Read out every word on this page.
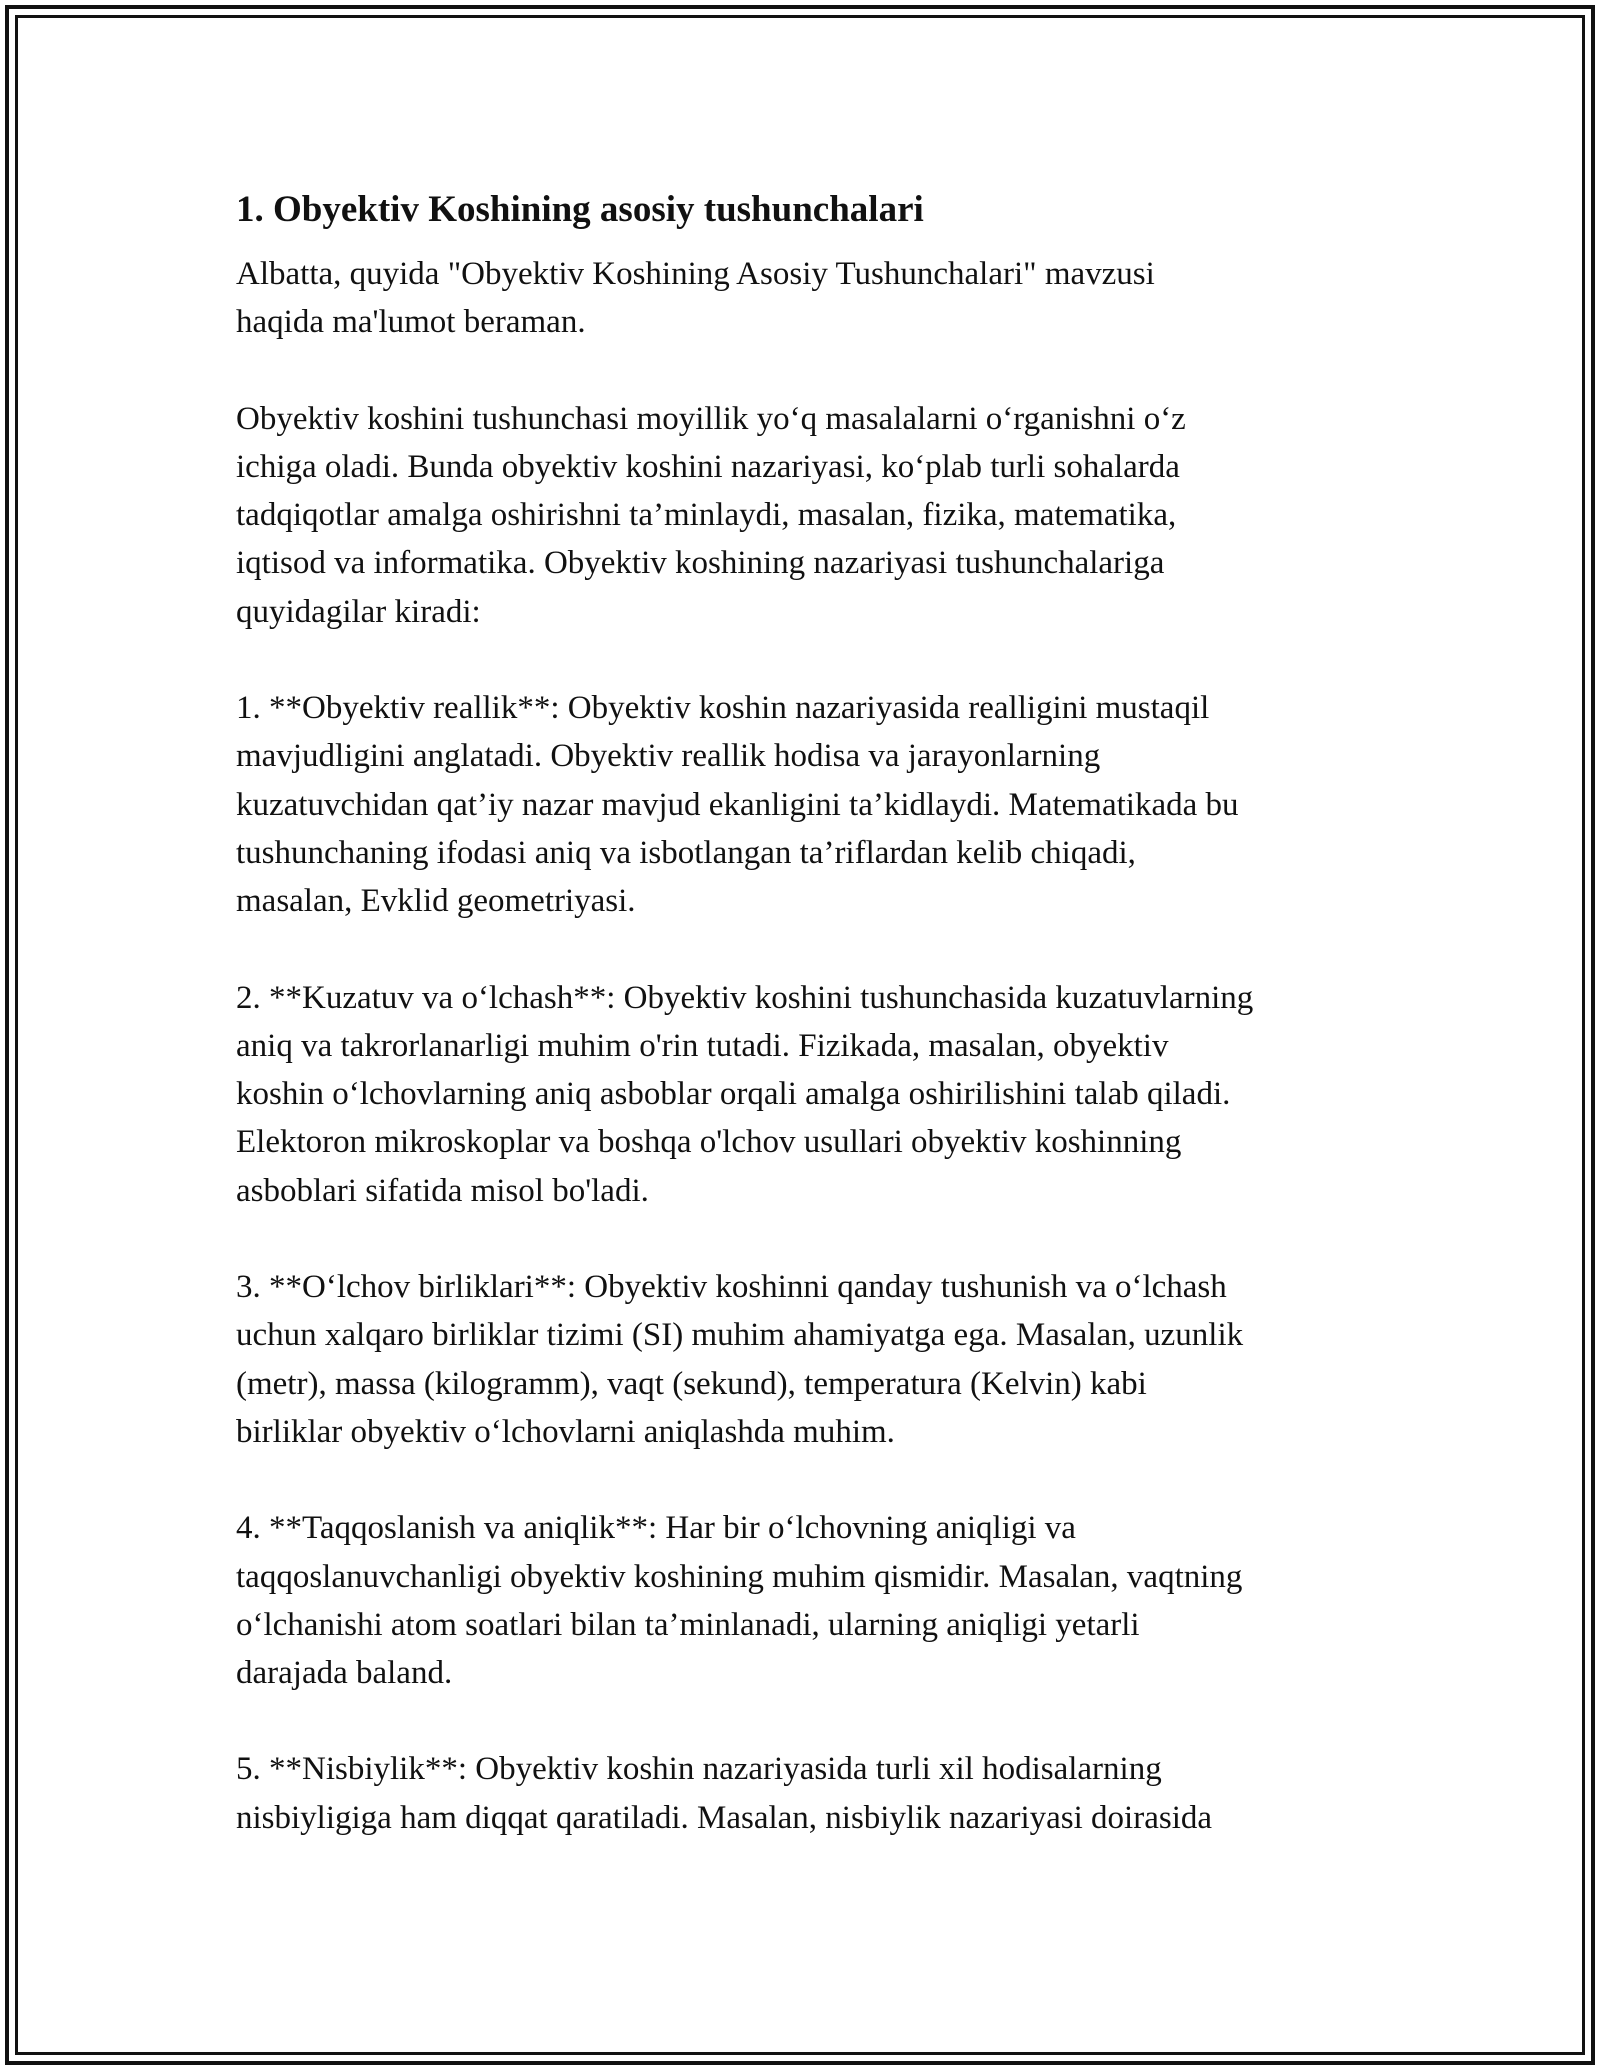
1. Obyektiv Koshining asosiy tushunchalari

Albatta, quyida "Obyektiv Koshining Asosiy Tushunchalari" mavzusi
haqida ma'lumot beraman.

Obyektiv koshini tushunchasi moyillik yo‘q masalalarni o‘rganishni o‘z
ichiga oladi. Bunda obyektiv koshini nazariyasi, ko‘plab turli sohalarda
tadqiqotlar amalga oshirishni ta’minlaydi, masalan, fizika, matematika,
iqtisod va informatika. Obyektiv koshining nazariyasi tushunchalariga
quyidagilar kiradi:

1. **Obyektiv reallik**: Obyektiv koshin nazariyasida realligini mustaqil
mavjudligini anglatadi. Obyektiv reallik hodisa va jarayonlarning
kuzatuvchidan qat’iy nazar mavjud ekanligini ta’kidlaydi. Matematikada bu
tushunchaning ifodasi aniq va isbotlangan ta’riflardan kelib chiqadi,
masalan, Evklid geometriyasi.

2. **Kuzatuv va o‘lchash**: Obyektiv koshini tushunchasida kuzatuvlarning
aniq va takrorlanarligi muhim o'rin tutadi. Fizikada, masalan, obyektiv
koshin o‘lchovlarning aniq asboblar orqali amalga oshirilishini talab qiladi.
Elektoron mikroskoplar va boshqa o'lchov usullari obyektiv koshinning
asboblari sifatida misol bo'ladi.

3. **O‘lchov birliklari**: Obyektiv koshinni qanday tushunish va o‘lchash
uchun xalqaro birliklar tizimi (SI) muhim ahamiyatga ega. Masalan, uzunlik
(metr), massa (kilogramm), vaqt (sekund), temperatura (Kelvin) kabi
birliklar obyektiv o‘lchovlarni aniqlashda muhim.

4. **Taqqoslanish va aniqlik**: Har bir o‘lchovning aniqligi va
taqqoslanuvchanligi obyektiv koshining muhim qismidir. Masalan, vaqtning
o‘lchanishi atom soatlari bilan ta’minlanadi, ularning aniqligi yetarli
darajada baland.

5. **Nisbiylik**: Obyektiv koshin nazariyasida turli xil hodisalarning
nisbiyligiga ham diqqat qaratiladi. Masalan, nisbiylik nazariyasi doirasida
